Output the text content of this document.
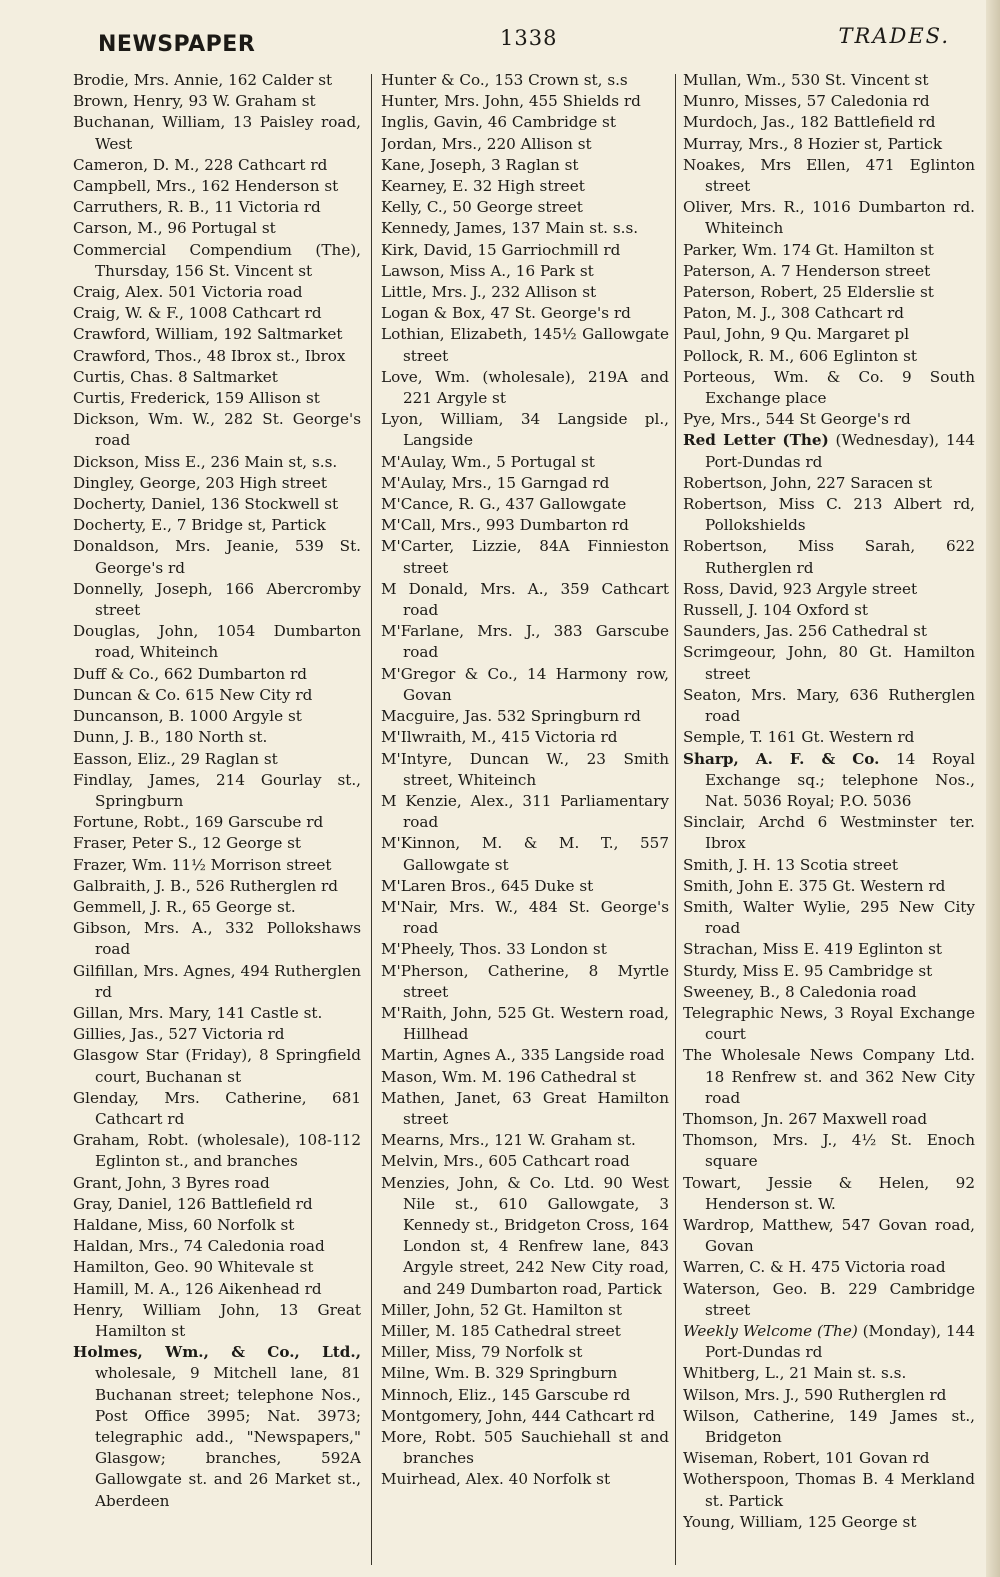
NEWSPAPER	1338	TRADES.

Brodie, Mrs. Annie, 162 Calder st

Brown, Henry, 93 W. Graham st

Buchanan, William, 13 Paisley road, West

Cameron, D. M., 228 Cathcart rd

Campbell, Mrs., 162 Henderson st

Carruthers, R. B., 11 Victoria rd

Carson, M., 96 Portugal st

Commercial Compendium (The), Thursday, 156 St. Vincent st

Craig, Alex. 501 Victoria road

Craig, W. & F., 1008 Cathcart rd

Crawford, William, 192 Saltmarket

Crawford, Thos., 48 Ibrox st., Ibrox

Curtis, Chas. 8 Saltmarket

Curtis, Frederick, 159 Allison st

Dickson, Wm. W., 282 St. George's road

Dickson, Miss E., 236 Main st, s.s.

Dingley, George, 203 High street

Docherty, Daniel, 136 Stockwell st

Docherty, E., 7 Bridge st, Partick

Donaldson, Mrs. Jeanie, 539 St. George's rd

Donnelly, Joseph, 166 Abercromby street

Douglas, John, 1054 Dumbarton road, Whiteinch

Duff & Co., 662 Dumbarton rd

Duncan & Co. 615 New City rd

Duncanson, B. 1000 Argyle st

Dunn, J. B., 180 North st.

Easson, Eliz., 29 Raglan st

Findlay, James, 214 Gourlay st., Springburn

Fortune, Robt., 169 Garscube rd

Fraser, Peter S., 12 George st

Frazer, Wm. 11½ Morrison street

Galbraith, J. B., 526 Rutherglen rd

Gemmell, J. R., 65 George st.

Gibson, Mrs. A., 332 Pollokshaws road

Gilfillan, Mrs. Agnes, 494 Rutherglen rd

Gillan, Mrs. Mary, 141 Castle st.

Gillies, Jas., 527 Victoria rd

Glasgow Star (Friday), 8 Springfield court, Buchanan st

Glenday, Mrs. Catherine, 681 Cathcart rd

Graham, Robt. (wholesale), 108-112 Eglinton st., and branches

Grant, John, 3 Byres road

Gray, Daniel, 126 Battlefield rd

Haldane, Miss, 60 Norfolk st

Haldan, Mrs., 74 Caledonia road

Hamilton, Geo. 90 Whitevale st

Hamill, M. A., 126 Aikenhead rd

Henry, William John, 13 Great Hamilton st

Holmes, Wm., & Co., Ltd., wholesale, 9 Mitchell lane, 81 Buchanan street; telephone Nos., Post Office 3995; Nat. 3973; telegraphic add., "Newspapers," Glasgow; branches, 592A Gallowgate st. and 26 Market st., Aberdeen

Hunter & Co., 153 Crown st, s.s

Hunter, Mrs. John, 455 Shields rd

Inglis, Gavin, 46 Cambridge st

Jordan, Mrs., 220 Allison st

Kane, Joseph, 3 Raglan st

Kearney, E. 32 High street

Kelly, C., 50 George street

Kennedy, James, 137 Main st. s.s.

Kirk, David, 15 Garriochmill rd

Lawson, Miss A., 16 Park st

Little, Mrs. J., 232 Allison st

Logan & Box, 47 St. George's rd

Lothian, Elizabeth, 145½ Gallowgate street

Love, Wm. (wholesale), 219A and 221 Argyle st

Lyon, William, 34 Langside pl., Langside

M'Aulay, Wm., 5 Portugal st

M'Aulay, Mrs., 15 Garngad rd

M'Cance, R. G., 437 Gallowgate

M'Call, Mrs., 993 Dumbarton rd

M'Carter, Lizzie, 84A Finnieston street

M Donald, Mrs. A., 359 Cathcart road

M'Farlane, Mrs. J., 383 Garscube road

M'Gregor & Co., 14 Harmony row, Govan

Macguire, Jas. 532 Springburn rd

M'Ilwraith, M., 415 Victoria rd

M'Intyre, Duncan W., 23 Smith street, Whiteinch

M Kenzie, Alex., 311 Parliamentary road

M'Kinnon, M. & M. T., 557 Gallowgate st

M'Laren Bros., 645 Duke st

M'Nair, Mrs. W., 484 St. George's road

M'Pheely, Thos. 33 London st

M'Pherson, Catherine, 8 Myrtle street

M'Raith, John, 525 Gt. Western road, Hillhead

Martin, Agnes A., 335 Langside road

Mason, Wm. M. 196 Cathedral st

Mathen, Janet, 63 Great Hamilton street

Mearns, Mrs., 121 W. Graham st.

Melvin, Mrs., 605 Cathcart road

Menzies, John, & Co. Ltd. 90 West Nile st., 610 Gallowgate, 3 Kennedy st., Bridgeton Cross, 164 London st, 4 Renfrew lane, 843 Argyle street, 242 New City road, and 249 Dumbarton road, Partick

Miller, John, 52 Gt. Hamilton st

Miller, M. 185 Cathedral street

Miller, Miss, 79 Norfolk st

Milne, Wm. B. 329 Springburn

Minnoch, Eliz., 145 Garscube rd

Montgomery, John, 444 Cathcart rd

More, Robt. 505 Sauchiehall st and branches

Muirhead, Alex. 40 Norfolk st

Mullan, Wm., 530 St. Vincent st

Munro, Misses, 57 Caledonia rd

Murdoch, Jas., 182 Battlefield rd

Murray, Mrs., 8 Hozier st, Partick

Noakes, Mrs Ellen, 471 Eglinton street

Oliver, Mrs. R., 1016 Dumbarton rd. Whiteinch

Parker, Wm. 174 Gt. Hamilton st

Paterson, A. 7 Henderson street

Paterson, Robert, 25 Elderslie st

Paton, M. J., 308 Cathcart rd

Paul, John, 9 Qu. Margaret pl

Pollock, R. M., 606 Eglinton st

Porteous, Wm. & Co. 9 South Exchange place

Pye, Mrs., 544 St George's rd

Red Letter (The) (Wednesday), 144 Port-Dundas rd

Robertson, John, 227 Saracen st

Robertson, Miss C. 213 Albert rd, Pollokshields

Robertson, Miss Sarah, 622 Rutherglen rd

Ross, David, 923 Argyle street

Russell, J. 104 Oxford st

Saunders, Jas. 256 Cathedral st

Scrimgeour, John, 80 Gt. Hamilton street

Seaton, Mrs. Mary, 636 Rutherglen road

Semple, T. 161 Gt. Western rd

Sharp, A. F. & Co. 14 Royal Exchange sq.; telephone Nos., Nat. 5036 Royal; P.O. 5036

Sinclair, Archd 6 Westminster ter. Ibrox

Smith, J. H. 13 Scotia street

Smith, John E. 375 Gt. Western rd

Smith, Walter Wylie, 295 New City road

Strachan, Miss E. 419 Eglinton st

Sturdy, Miss E. 95 Cambridge st

Sweeney, B., 8 Caledonia road

Telegraphic News, 3 Royal Exchange court

The Wholesale News Company Ltd. 18 Renfrew st. and 362 New City road

Thomson, Jn. 267 Maxwell road

Thomson, Mrs. J., 4½ St. Enoch square

Towart, Jessie & Helen, 92 Henderson st. W.

Wardrop, Matthew, 547 Govan road, Govan

Warren, C. & H. 475 Victoria road

Waterson, Geo. B. 229 Cambridge street

Weekly Welcome (The) (Monday), 144 Port-Dundas rd

Whitberg, L., 21 Main st. s.s.

Wilson, Mrs. J., 590 Rutherglen rd

Wilson, Catherine, 149 James st., Bridgeton

Wiseman, Robert, 101 Govan rd

Wotherspoon, Thomas B. 4 Merkland st. Partick

Young, William, 125 George st
